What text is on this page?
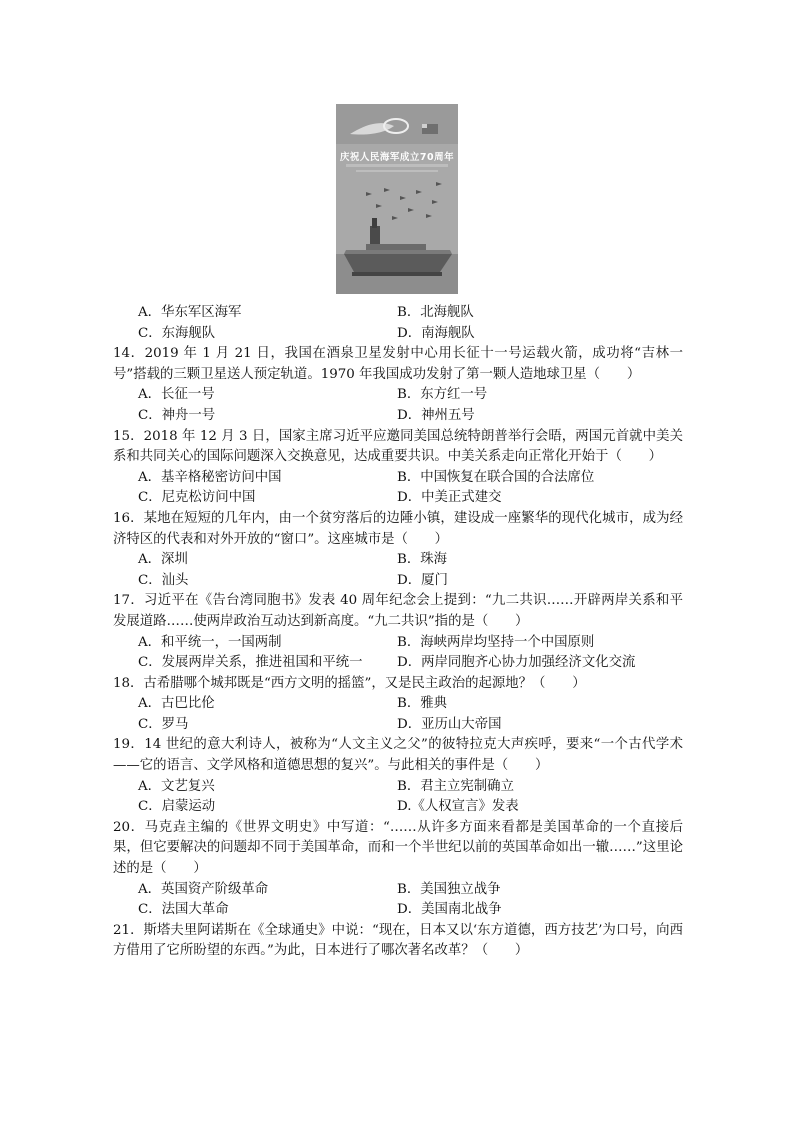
庆祝人民海军成立70周年
A．华东军区海军	B．北海舰队
C．东海舰队	D．南海舰队

14．2019 年 1 月 21 日，我国在酒泉卫星发射中心用长征十一号运载火箭，成功将“吉林一号”搭载的三颗卫星送人预定轨道。1970 年我国成功发射了第一颗人造地球卫星（　　）

A．长征一号	B．东方红一号
C．神舟一号	D．神州五号

15．2018 年 12 月 3 日，国家主席习近平应邀同美国总统特朗普举行会晤，两国元首就中美关系和共同关心的国际问题深入交换意见，达成重要共识。中美关系走向正常化开始于（　　）

A．基辛格秘密访问中国	B．中国恢复在联合国的合法席位
C．尼克松访问中国	D．中美正式建交

16．某地在短短的几年内，由一个贫穷落后的边陲小镇，建设成一座繁华的现代化城市，成为经济特区的代表和对外开放的“窗口”。这座城市是（　　）

A．深圳	B．珠海
C．汕头	D．厦门

17．习近平在《告台湾同胞书》发表 40 周年纪念会上提到：“九二共识……开辟两岸关系和平发展道路……使两岸政治互动达到新高度。“九二共识”指的是（　　）

A．和平统一，一国两制	B．海峡两岸均坚持一个中国原则
C．发展两岸关系，推进祖国和平统一	D．两岸同胞齐心协力加强经济文化交流

18．古希腊哪个城邦既是“西方文明的摇篮”，又是民主政治的起源地？（　　）

A．古巴比伦	B．雅典
C．罗马	D．亚历山大帝国

19．14 世纪的意大利诗人，被称为“人文主义之父”的彼特拉克大声疾呼，要来“一个古代学术——它的语言、文学风格和道德思想的复兴”。与此相关的事件是（　　）

A．文艺复兴	B．君主立宪制确立
C．启蒙运动	D.《人权宣言》发表

20．马克垚主编的《世界文明史》中写道：“……从许多方面来看都是美国革命的一个直接后果，但它要解决的问题却不同于美国革命，而和一个半世纪以前的英国革命如出一辙……”这里论述的是（　　）

A．英国资产阶级革命	B．美国独立战争
C．法国大革命	D．美国南北战争

21．斯塔夫里阿诺斯在《全球通史》中说：“现在，日本又以‘东方道德，西方技艺’为口号，向西方借用了它所盼望的东西。”为此，日本进行了哪次著名改革？（　　）
